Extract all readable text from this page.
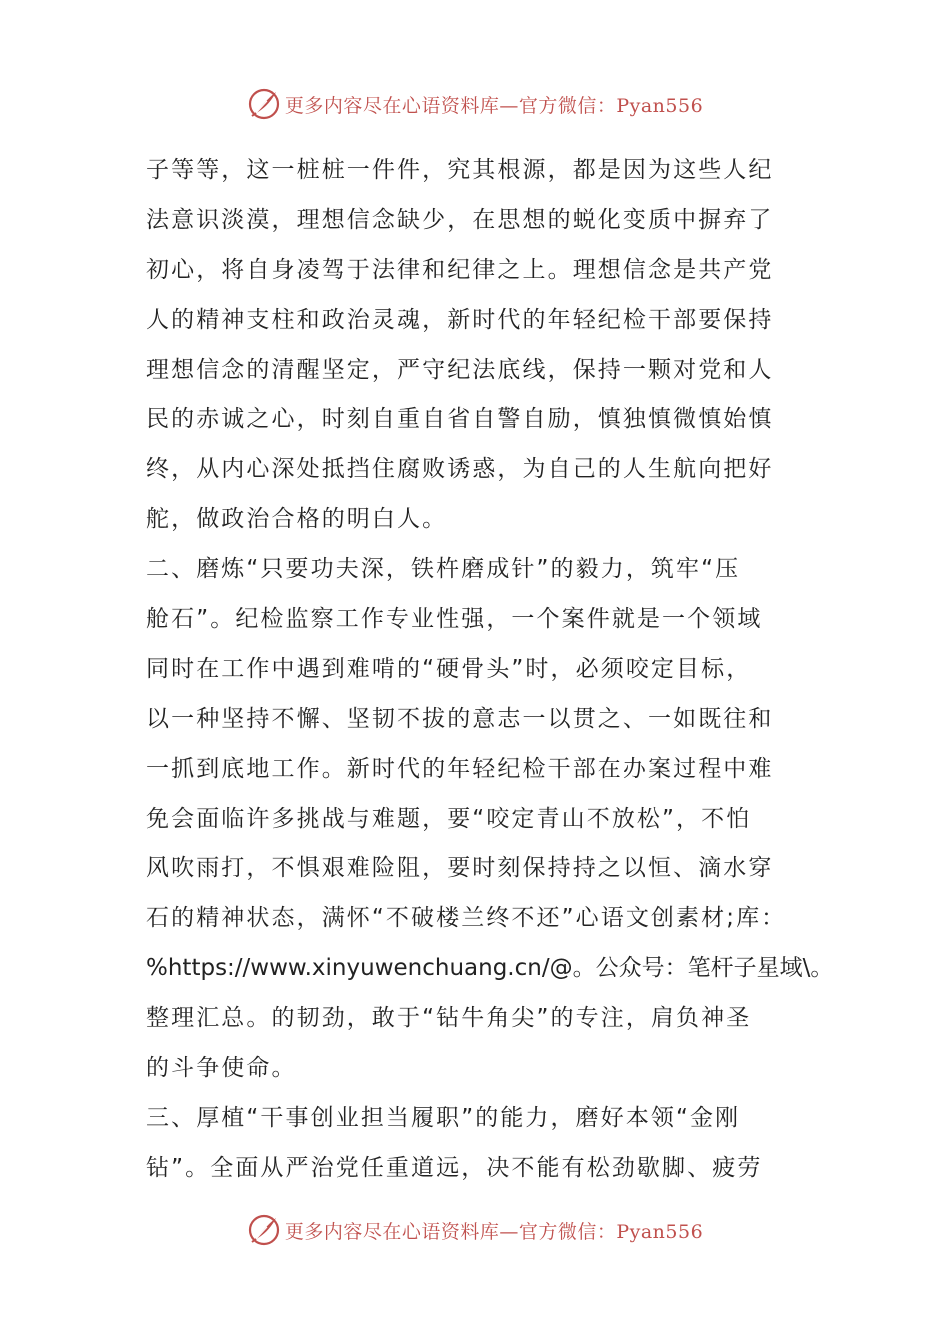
更多内容尽在心语资料库—官方微信：Pyan556
子等等，这一桩桩一件件，究其根源，都是因为这些人纪
法意识淡漠，理想信念缺少，在思想的蜕化变质中摒弃了
初心，将自身凌驾于法律和纪律之上。理想信念是共产党
人的精神支柱和政治灵魂，新时代的年轻纪检干部要保持
理想信念的清醒坚定，严守纪法底线，保持一颗对党和人
民的赤诚之心，时刻自重自省自警自励，慎独慎微慎始慎
终，从内心深处抵挡住腐败诱惑，为自己的人生航向把好
舵，做政治合格的明白人。
二、磨炼“只要功夫深，铁杵磨成针”的毅力，筑牢“压
舱石”。纪检监察工作专业性强，一个案件就是一个领域
同时在工作中遇到难啃的“硬骨头”时，必须咬定目标，
以一种坚持不懈、坚韧不拔的意志一以贯之、一如既往和
一抓到底地工作。新时代的年轻纪检干部在办案过程中难
免会面临许多挑战与难题，要“咬定青山不放松”，不怕
风吹雨打，不惧艰难险阻，要时刻保持持之以恒、滴水穿
石的精神状态，满怀“不破楼兰终不还”心语文创素材;库：
%https://www.xinyuwenchuang.cn/@。公众号：笔杆子星域\。
整理汇总。的韧劲，敢于“钻牛角尖”的专注，肩负神圣
的斗争使命。
三、厚植“干事创业担当履职”的能力，磨好本领“金刚
钻”。全面从严治党任重道远，决不能有松劲歇脚、疲劳
更多内容尽在心语资料库—官方微信：Pyan556
